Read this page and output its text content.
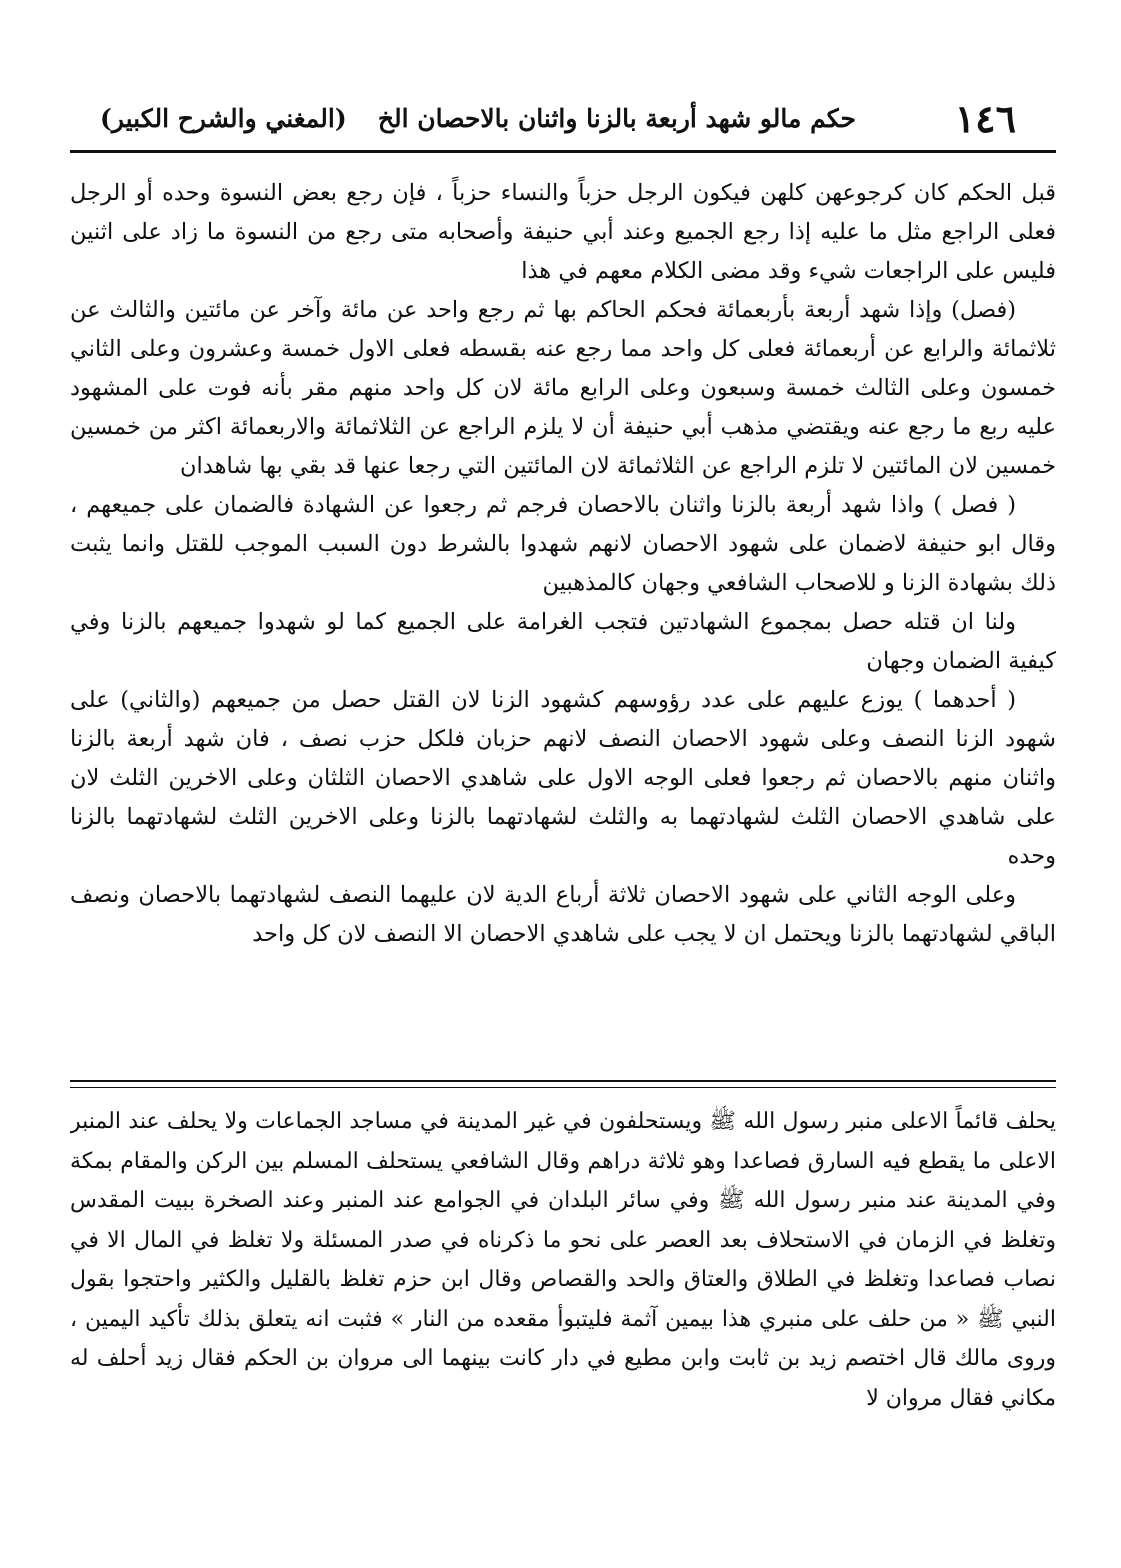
١٤٦
حكم مالو شهد أربعة بالزنا واثنان بالاحصان الخ
(المغني والشرح الكبير)

قبل الحكم كان كرجوعهن كلهن فيكون الرجل حزباً والنساء حزباً ، فإن رجع بعض النسوة وحده أو الرجل فعلى الراجع مثل ما عليه إذا رجع الجميع وعند أبي حنيفة وأصحابه متى رجع من النسوة ما زاد على اثنين فليس على الراجعات شيء وقد مضى الكلام معهم في هذا

(فصل) وإذا شهد أربعة بأربعمائة فحكم الحاكم بها ثم رجع واحد عن مائة وآخر عن مائتين والثالث عن ثلاثمائة والرابع عن أربعمائة فعلى كل واحد مما رجع عنه بقسطه فعلى الاول خمسة وعشرون وعلى الثاني خمسون وعلى الثالث خمسة وسبعون وعلى الرابع مائة لان كل واحد منهم مقر بأنه فوت على المشهود عليه ربع ما رجع عنه ويقتضي مذهب أبي حنيفة أن لا يلزم الراجع عن الثلاثمائة والاربعمائة اكثر من خمسين خمسين لان المائتين لا تلزم الراجع عن الثلاثمائة لان المائتين التي رجعا عنها قد بقي بها شاهدان

( فصل ) واذا شهد أربعة بالزنا واثنان بالاحصان فرجم ثم رجعوا عن الشهادة فالضمان على جميعهم ، وقال ابو حنيفة لاضمان على شهود الاحصان لانهم شهدوا بالشرط دون السبب الموجب للقتل وانما يثبت ذلك بشهادة الزنا و للاصحاب الشافعي وجهان كالمذهبين

ولنا ان قتله حصل بمجموع الشهادتين فتجب الغرامة على الجميع كما لو شهدوا جميعهم بالزنا وفي كيفية الضمان وجهان

( أحدهما ) يوزع عليهم على عدد رؤوسهم كشهود الزنا لان القتل حصل من جميعهم (والثاني) على شهود الزنا النصف وعلى شهود الاحصان النصف لانهم حزبان فلكل حزب نصف ، فان شهد أربعة بالزنا واثنان منهم بالاحصان ثم رجعوا فعلى الوجه الاول على شاهدي الاحصان الثلثان وعلى الاخرين الثلث لان على شاهدي الاحصان الثلث لشهادتهما به والثلث لشهادتهما بالزنا وعلى الاخرين الثلث لشهادتهما بالزنا وحده

وعلى الوجه الثاني على شهود الاحصان ثلاثة أرباع الدية لان عليهما النصف لشهادتهما بالاحصان ونصف الباقي لشهادتهما بالزنا ويحتمل ان لا يجب على شاهدي الاحصان الا النصف لان كل واحد

يحلف قائماً الاعلى منبر رسول الله ﷺ ويستحلفون في غير المدينة في مساجد الجماعات ولا يحلف عند المنبر الاعلى ما يقطع فيه السارق فصاعدا وهو ثلاثة دراهم وقال الشافعي يستحلف المسلم بين الركن والمقام بمكة وفي المدينة عند منبر رسول الله ﷺ وفي سائر البلدان في الجوامع عند المنبر وعند الصخرة ببيت المقدس وتغلظ في الزمان في الاستحلاف بعد العصر على نحو ما ذكرناه في صدر المسئلة ولا تغلظ في المال الا في نصاب فصاعدا وتغلظ في الطلاق والعتاق والحد والقصاص وقال ابن حزم تغلظ بالقليل والكثير واحتجوا بقول النبي ﷺ « من حلف على منبري هذا بيمين آثمة فليتبوأ مقعده من النار » فثبت انه يتعلق بذلك تأكيد اليمين ، وروى مالك قال اختصم زيد بن ثابت وابن مطيع في دار كانت بينهما الى مروان بن الحكم فقال زيد أحلف له مكاني فقال مروان لا
